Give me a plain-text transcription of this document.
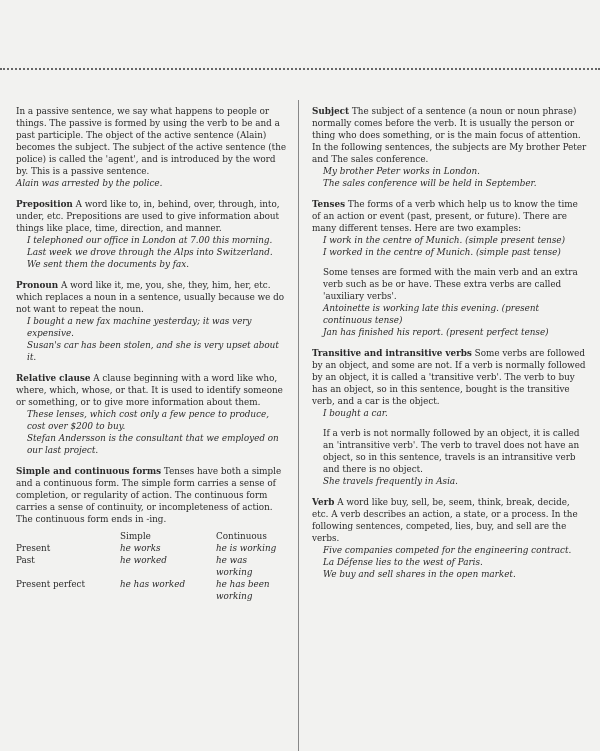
In a passive sentence, we say what happens to people or things. The passive is formed by using the verb to be and a past participle. The object of the active sentence (Alain) becomes the subject. The subject of the active sentence (the police) is called the 'agent', and is introduced by the word by. This is a passive sentence.

Alain was arrested by the police.

Preposition A word like to, in, behind, over, through, into, under, etc. Prepositions are used to give information about things like place, time, direction, and manner.

I telephoned our office in London at 7.00 this morning.

Last week we drove through the Alps into Switzerland.

We sent them the documents by fax.

Pronoun A word like it, me, you, she, they, him, her, etc. which replaces a noun in a sentence, usually because we do not want to repeat the noun.

I bought a new fax machine yesterday; it was very expensive.

Susan's car has been stolen, and she is very upset about it.

Relative clause A clause beginning with a word like who, where, which, whose, or that. It is used to identify someone or something, or to give more information about them.

These lenses, which cost only a few pence to produce, cost over $200 to buy.

Stefan Andersson is the consultant that we employed on our last project.

Simple and continuous forms Tenses have both a simple and a continuous form. The simple form carries a sense of completion, or regularity of action. The continuous form carries a sense of continuity, or incompleteness of action. The continuous form ends in -ing.

	Simple	Continuous
Present	he works	he is working
Past	he worked	he was working
Present perfect	he has worked	he has been working

Subject The subject of a sentence (a noun or noun phrase) normally comes before the verb. It is usually the person or thing who does something, or is the main focus of attention. In the following sentences, the subjects are My brother Peter and The sales conference.

My brother Peter works in London.

The sales conference will be held in September.

Tenses The forms of a verb which help us to know the time of an action or event (past, present, or future). There are many different tenses. Here are two examples:

I work in the centre of Munich. (simple present tense)

I worked in the centre of Munich. (simple past tense)

Some tenses are formed with the main verb and an extra verb such as be or have. These extra verbs are called 'auxiliary verbs'.

Antoinette is working late this evening. (present continuous tense)

Jan has finished his report. (present perfect tense)

Transitive and intransitive verbs Some verbs are followed by an object, and some are not. If a verb is normally followed by an object, it is called a 'transitive verb'. The verb to buy has an object, so in this sentence, bought is the transitive verb, and a car is the object.

I bought a car.

If a verb is not normally followed by an object, it is called an 'intransitive verb'. The verb to travel does not have an object, so in this sentence, travels is an intransitive verb and there is no object.

She travels frequently in Asia.

Verb A word like buy, sell, be, seem, think, break, decide, etc. A verb describes an action, a state, or a process. In the following sentences, competed, lies, buy, and sell are the verbs.

Five companies competed for the engineering contract.

La Défense lies to the west of Paris.

We buy and sell shares in the open market.
